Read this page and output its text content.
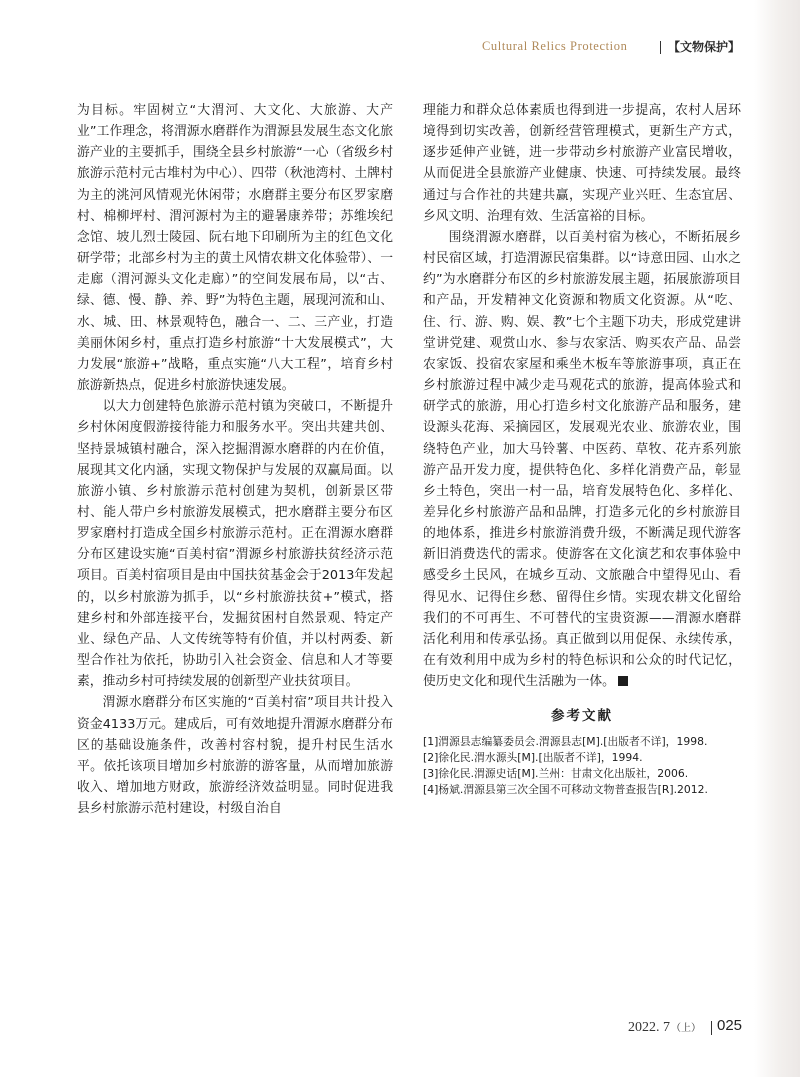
Cultural Relics Protection	【文物保护】

为目标。牢固树立“大渭河、大文化、大旅游、大产业”工作理念，将渭源水磨群作为渭源县发展生态文化旅游产业的主要抓手，围绕全县乡村旅游“一心（省级乡村旅游示范村元古堆村为中心）、四带（秋池湾村、土牌村为主的洮河风情观光休闲带；水磨群主要分布区罗家磨村、棉柳坪村、渭河源村为主的避暑康养带；苏维埃纪念馆、坡儿烈士陵园、阮右地下印刷所为主的红色文化研学带；北部乡村为主的黄土风情农耕文化体验带）、一走廊（渭河源头文化走廊）”的空间发展布局，以“古、绿、德、慢、静、养、野”为特色主题，展现河流和山、水、城、田、林景观特色，融合一、二、三产业，打造美丽休闲乡村，重点打造乡村旅游“十大发展模式”，大力发展“旅游+”战略，重点实施“八大工程”，培育乡村旅游新热点，促进乡村旅游快速发展。

以大力创建特色旅游示范村镇为突破口，不断提升乡村休闲度假游接待能力和服务水平。突出共建共创、坚持景城镇村融合，深入挖掘渭源水磨群的内在价值，展现其文化内涵，实现文物保护与发展的双赢局面。以旅游小镇、乡村旅游示范村创建为契机，创新景区带村、能人带户乡村旅游发展模式，把水磨群主要分布区罗家磨村打造成全国乡村旅游示范村。正在渭源水磨群分布区建设实施“百美村宿”渭源乡村旅游扶贫经济示范项目。百美村宿项目是由中国扶贫基金会于2013年发起的，以乡村旅游为抓手，以“乡村旅游扶贫+”模式，搭建乡村和外部连接平台，发掘贫困村自然景观、特定产业、绿色产品、人文传统等特有价值，并以村两委、新型合作社为依托，协助引入社会资金、信息和人才等要素，推动乡村可持续发展的创新型产业扶贫项目。

渭源水磨群分布区实施的“百美村宿”项目共计投入资金4133万元。建成后，可有效地提升渭源水磨群分布区的基础设施条件，改善村容村貌，提升村民生活水平。依托该项目增加乡村旅游的游客量，从而增加旅游收入、增加地方财政，旅游经济效益明显。同时促进我县乡村旅游示范村建设，村级自治自

理能力和群众总体素质也得到进一步提高，农村人居环境得到切实改善，创新经营管理模式，更新生产方式，逐步延伸产业链，进一步带动乡村旅游产业富民增收，从而促进全县旅游产业健康、快速、可持续发展。最终通过与合作社的共建共赢，实现产业兴旺、生态宜居、乡风文明、治理有效、生活富裕的目标。

围绕渭源水磨群，以百美村宿为核心，不断拓展乡村民宿区域，打造渭源民宿集群。以“诗意田园、山水之约”为水磨群分布区的乡村旅游发展主题，拓展旅游项目和产品，开发精神文化资源和物质文化资源。从“吃、住、行、游、购、娱、教”七个主题下功夫，形成党建讲堂讲党建、观赏山水、参与农家活、购买农产品、品尝农家饭、投宿农家屋和乘坐木板车等旅游事项，真正在乡村旅游过程中减少走马观花式的旅游，提高体验式和研学式的旅游，用心打造乡村文化旅游产品和服务，建设源头花海、采摘园区，发展观光农业、旅游农业，围绕特色产业，加大马铃薯、中医药、草牧、花卉系列旅游产品开发力度，提供特色化、多样化消费产品，彰显乡土特色，突出一村一品，培育发展特色化、多样化、差异化乡村旅游产品和品牌，打造多元化的乡村旅游目的地体系，推进乡村旅游消费升级，不断满足现代游客新旧消费迭代的需求。使游客在文化演艺和农事体验中感受乡土民风，在城乡互动、文旅融合中望得见山、看得见水、记得住乡愁、留得住乡情。实现农耕文化留给我们的不可再生、不可替代的宝贵资源——渭源水磨群活化利用和传承弘扬。真正做到以用促保、永续传承，在有效利用中成为乡村的特色标识和公众的时代记忆，使历史文化和现代生活融为一体。

参考文献
[1]渭源县志编纂委员会.渭源县志[M].[出版者不详]，1998.
[2]徐化民.渭水源头[M].[出版者不详]，1994.
[3]徐化民.渭源史话[M].兰州：甘肃文化出版社，2006.
[4]杨斌.渭源县第三次全国不可移动文物普查报告[R].2012.
2022. 7（上） 025
